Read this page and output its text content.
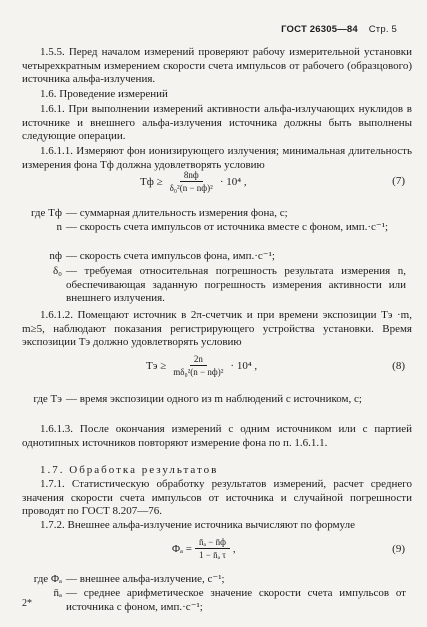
ГОСТ 26305—84 Стр. 5
1.5.5. Перед началом измерений проверяют рабочу измерительной установки четырехкратным измерением скорости счета импульсов от рабочего (образцового) источника альфа-излучения.
1.6. Проведение измерений
1.6.1. При выполнении измерений активности альфа-излучающих нуклидов в источнике и внешнего альфа-излучения источника должны быть выполнены следующие операции.
1.6.1.1. Измеряют фон ионизирующего излучения; минимальная длительность измерения фона Tф должна удовлетворять условию
Tф ≥ $\frac{8nф}{\text{δ₀²(n − nф)²}} \cdot 10^4$ ,	(7)
где Tф — суммарная длительность измерения фона, с;
n — скорость счета импульсов от источника вместе с фоном, имп.·с⁻¹;
nф — скорость счета импульсов фона, имп.·с⁻¹;
δ₀ — требуемая относительная погрешность результата измерения n, обеспечивающая заданную погрешность измерения активности или внешнего излучения.
1.6.1.2. Помещают источник в 2π-счетчик и при времени экспозиции Tэ ·m, m≥5, наблюдают показания регистрирующего устройства установки. Время экспозиции Tэ должно удовлетворять условию
Tэ ≥ $\frac{2n}{\text{mδ₀²(n − nф)²}} \cdot 10^4$ ,	(8)
где Tэ — время экспозиции одного из m наблюдений с источником, с;
1.6.1.3. После окончания измерений с одним источником или с партией однотипных источников повторяют измерение фона по п. 1.6.1.1.
1.7. Обработка результатов
1.7.1. Статистическую обработку результатов измерений, расчет среднего значения скорости счета импульсов от источника и случайной погрешности проводят по ГОСТ 8.207—76.
1.7.2. Внешнее альфа-излучение источника вычисляют по формуле
$\Phi_a = \frac{\text{n̄ₐ − n̄ф}}{\text{1 − n̄ₐ τ}}$ ,	(9)
где Φₐ — внешнее альфа-излучение, с⁻¹;
n̄ₐ — среднее арифметическое значение скорости счета импульсов от источника с фоном, имп.·с⁻¹;
2*
